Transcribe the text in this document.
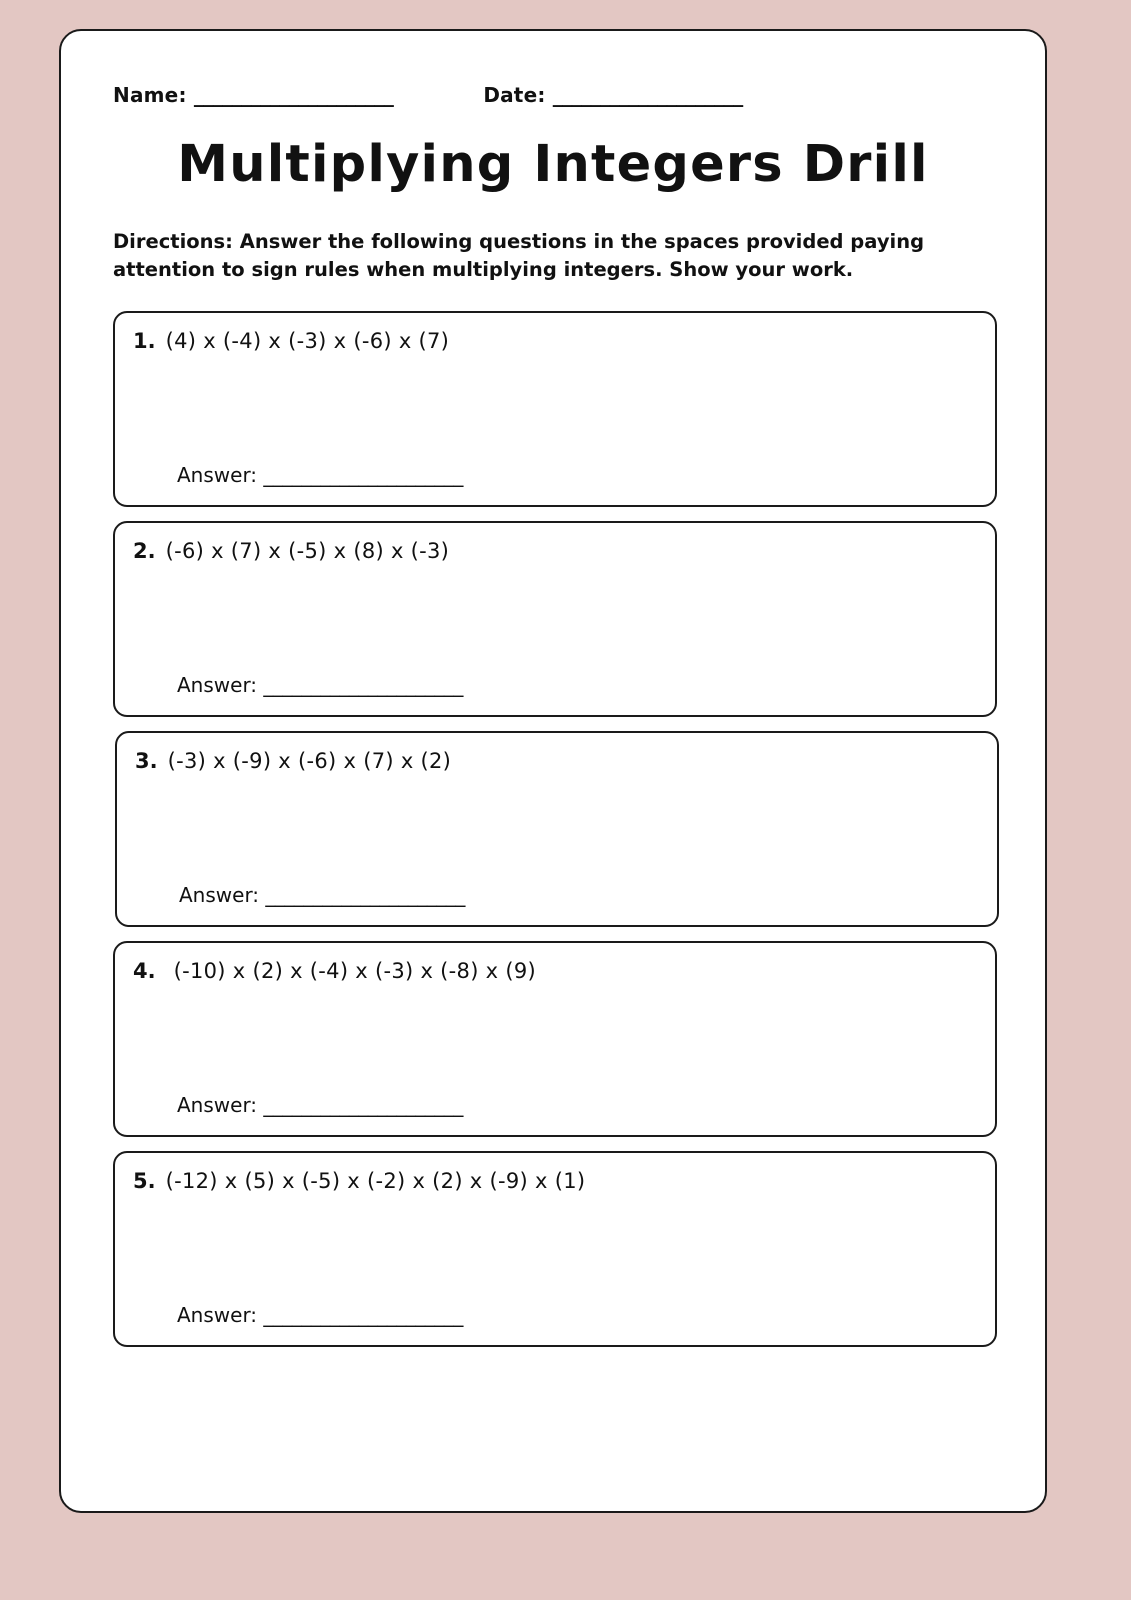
Name: _____________________	Date: ____________________
Multiplying Integers Drill
Directions: Answer the following questions in the spaces provided paying attention to sign rules when multiplying integers. Show your work.
1. (4) x (-4) x (-3) x (-6) x (7)
Answer: _____________________
2. (-6) x (7) x (-5) x (8) x (-3)
Answer: _____________________
3. (-3) x (-9) x (-6) x (7) x (2)
Answer: _____________________
4. (-10) x (2) x (-4) x (-3) x (-8) x (9)
Answer: _____________________
5. (-12) x (5) x (-5) x (-2) x (2) x (-9) x (1)
Answer: _____________________
